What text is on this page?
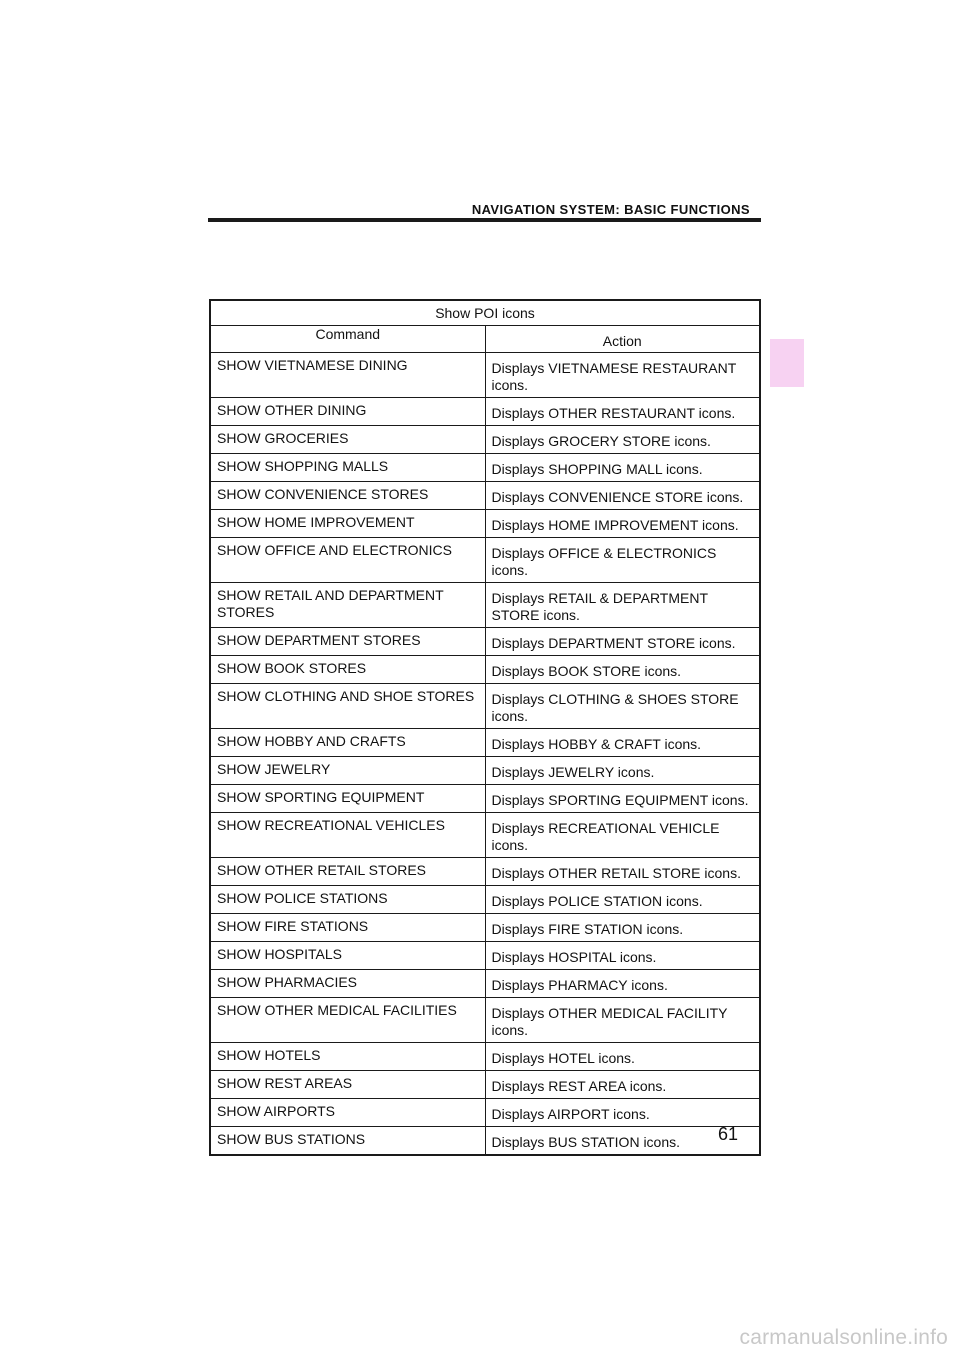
NAVIGATION SYSTEM: BASIC FUNCTIONS
Show POI icons	
Command	Action
SHOW VIETNAMESE DINING	Displays VIETNAMESE RESTAURANT icons.
SHOW OTHER DINING	Displays OTHER RESTAURANT icons.
SHOW GROCERIES	Displays GROCERY STORE icons.
SHOW SHOPPING MALLS	Displays SHOPPING MALL icons.
SHOW CONVENIENCE STORES	Displays CONVENIENCE STORE icons.
SHOW HOME IMPROVEMENT	Displays HOME IMPROVEMENT icons.
SHOW OFFICE AND ELECTRONICS	Displays OFFICE & ELECTRONICS icons.
SHOW RETAIL AND DEPARTMENT STORES	Displays RETAIL & DEPARTMENT STORE icons.
SHOW DEPARTMENT STORES	Displays DEPARTMENT STORE icons.
SHOW BOOK STORES	Displays BOOK STORE icons.
SHOW CLOTHING AND SHOE STORES	Displays CLOTHING & SHOES STORE icons.
SHOW HOBBY AND CRAFTS	Displays HOBBY & CRAFT icons.
SHOW JEWELRY	Displays JEWELRY icons.
SHOW SPORTING EQUIPMENT	Displays SPORTING EQUIPMENT icons.
SHOW RECREATIONAL VEHICLES	Displays RECREATIONAL VEHICLE icons.
SHOW OTHER RETAIL STORES	Displays OTHER RETAIL STORE icons.
SHOW POLICE STATIONS	Displays POLICE STATION icons.
SHOW FIRE STATIONS	Displays FIRE STATION icons.
SHOW HOSPITALS	Displays HOSPITAL icons.
SHOW PHARMACIES	Displays PHARMACY icons.
SHOW OTHER MEDICAL FACILITIES	Displays OTHER MEDICAL FACILITY icons.
SHOW HOTELS	Displays HOTEL icons.
SHOW REST AREAS	Displays REST AREA icons.
SHOW AIRPORTS	Displays AIRPORT icons.
SHOW BUS STATIONS	Displays BUS STATION icons. 61
carmanualsonline.info
